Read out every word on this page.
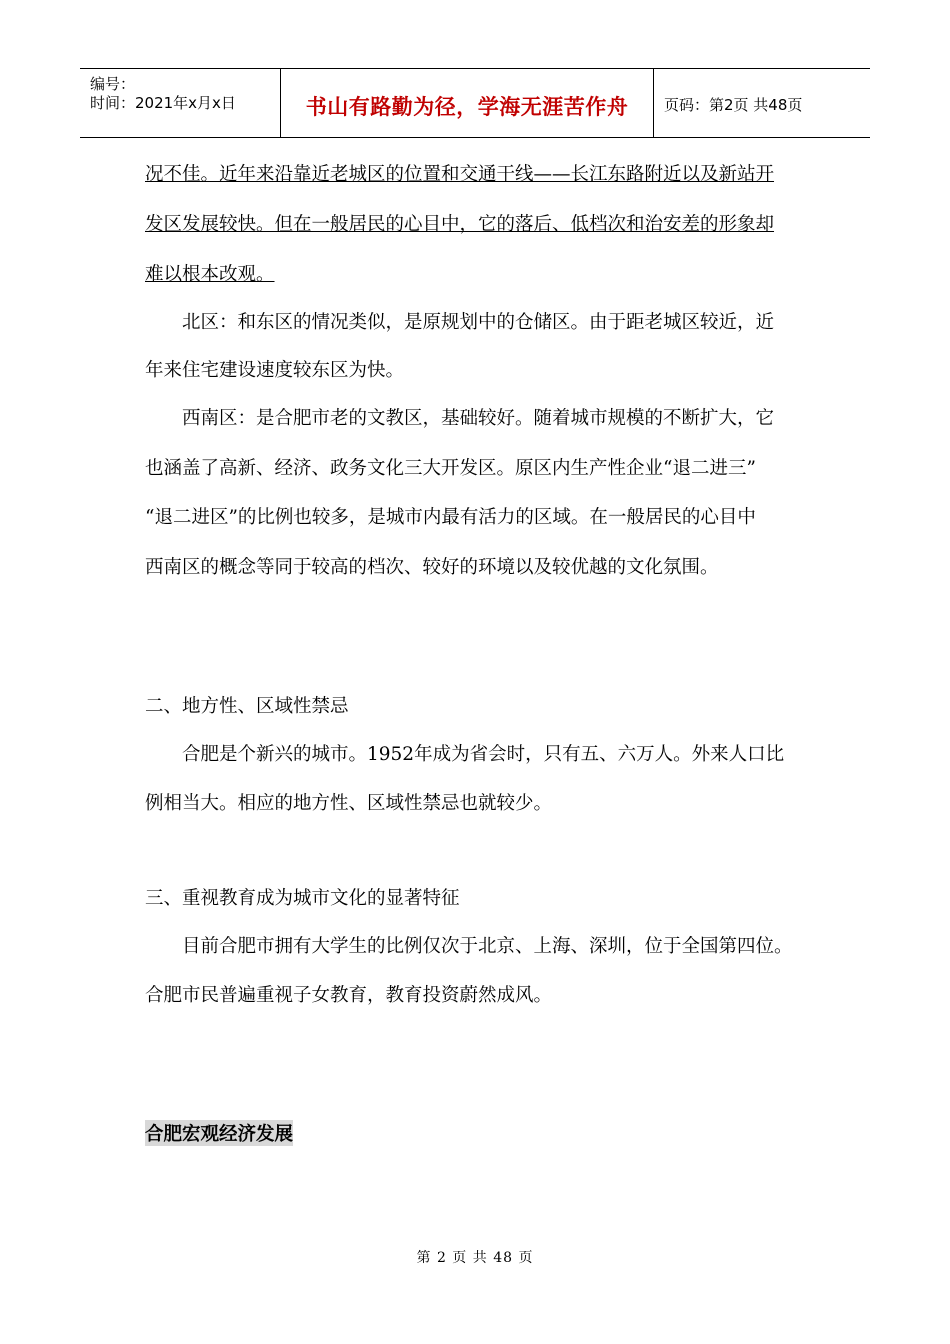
编号：
时间：2021年x月x日	书山有路勤为径，学海无涯苦作舟	页码：第2页 共48页
况不佳。近年来沿靠近老城区的位置和交通干线——长江东路附近以及新站开
发区发展较快。但在一般居民的心目中，它的落后、低档次和治安差的形象却
难以根本改观。
　　北区：和东区的情况类似，是原规划中的仓储区。由于距老城区较近，近
年来住宅建设速度较东区为快。
　　西南区：是合肥市老的文教区，基础较好。随着城市规模的不断扩大，它
也涵盖了高新、经济、政务文化三大开发区。原区内生产性企业“退二进三”
“退二进区”的比例也较多，是城市内最有活力的区域。在一般居民的心目中
西南区的概念等同于较高的档次、较好的环境以及较优越的文化氛围。
二、地方性、区域性禁忌
　　合肥是个新兴的城市。1952年成为省会时，只有五、六万人。外来人口比
例相当大。相应的地方性、区域性禁忌也就较少。
三、重视教育成为城市文化的显著特征
　　目前合肥市拥有大学生的比例仅次于北京、上海、深圳，位于全国第四位。
合肥市民普遍重视子女教育，教育投资蔚然成风。
合肥宏观经济发展
第 2 页 共 48 页
